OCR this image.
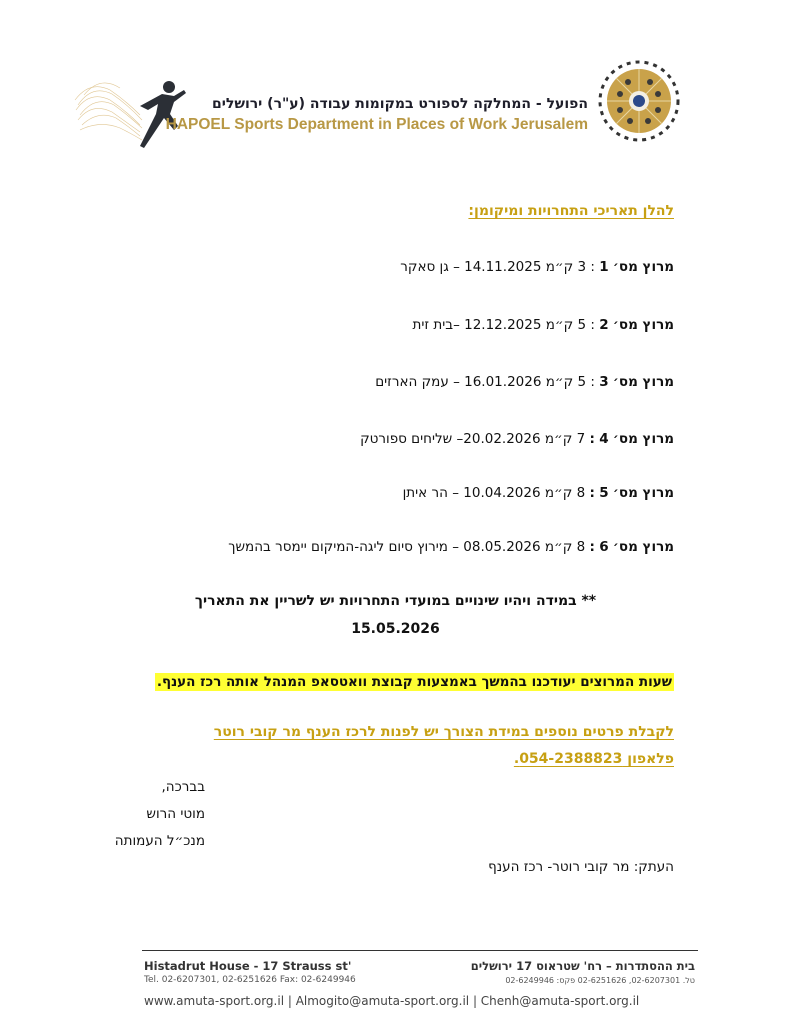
הפועל - המחלקה לספורט במקומות עבודה (ע"ר) ירושלים
HAPOEL Sports Department in Places of Work Jerusalem
להלן תאריכי התחרויות ומיקומן:
מרוץ מס׳ 1 : 3 ק״מ 14.11.2025 – גן סאקר
מרוץ מס׳ 2 : 5 ק״מ 12.12.2025 –בית זית
מרוץ מס׳ 3 : 5 ק״מ 16.01.2026 – עמק הארזים
מרוץ מס׳ 4 : 7 ק״מ 20.02.2026– שליחים ספורטק
מרוץ מס׳ 5 : 8 ק״מ 10.04.2026 – הר איתן
מרוץ מס׳ 6 : 8 ק״מ 08.05.2026 – מירוץ סיום ליגה-המיקום יימסר בהמשך
** במידה ויהיו שינויים במועדי התחרויות יש לשריין את התאריך
15.05.2026
שעות המרוצים יעודכנו בהמשך באמצעות קבוצת וואטסאפ המנהל אותה רכז הענף.
לקבלת פרטים נוספים במידת הצורך יש לפנות לרכז הענף מר קובי רוטר
פלאפון 054-2388823.
בברכה,
מוטי הרוש
מנכ״ל העמותה
העתק: מר קובי רוטר- רכז הענף
Histadrut House - 17 Strauss st'
Tel. 02-6207301, 02-6251626 Fax: 02-6249946
בית ההסתדרות – רח' שטראוס 17 ירושלים
טל. 02-6207301, 02-6251626 פקס: 02-6249946
www.amuta-sport.org.il | Almogito@amuta-sport.org.il | Chenh@amuta-sport.org.il
